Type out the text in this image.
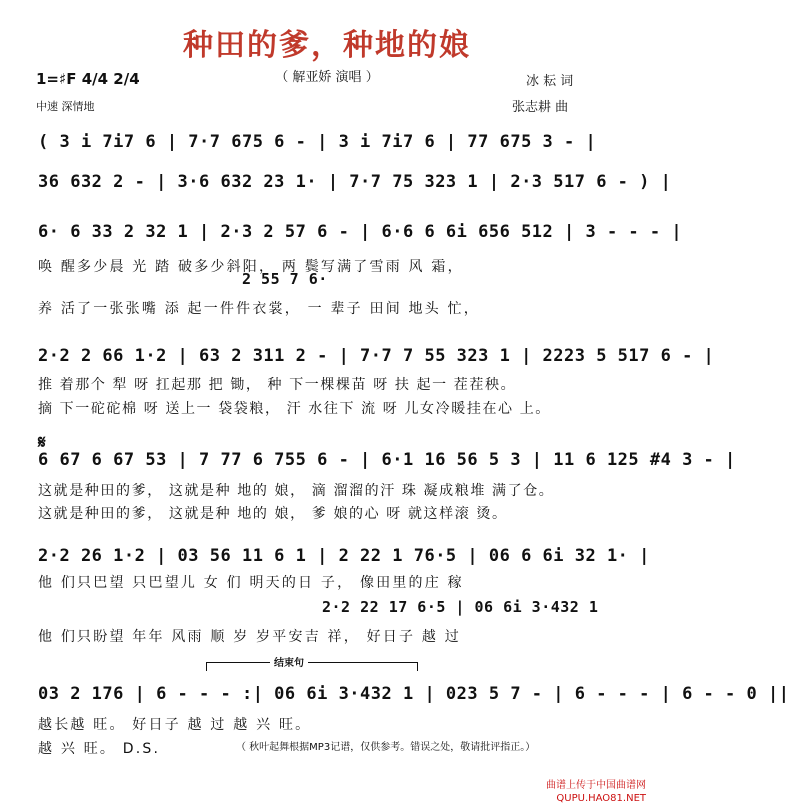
种田的爹，种地的娘
（ 解亚娇 演唱 ）
1=♯F 4/4 2/4
中速 深情地
冰 耘 词
张志耕 曲
( 3 i 7i7 6 | 7·7 675 6 - | 3 i 7i7 6 | 77 675 3 - |
36 632 2 - | 3·6 632 23 1· | 7·7 75 323 1 | 2·3 517 6 - ) |
6· 6 33 2 32 1 | 2·3 2 57 6 - | 6·6 6 6i 656 512 | 3 - - - |
唤 醒多少晨 光 踏 破多少斜阳， 两 鬓写满了雪雨 风 霜，
2 55 7 6·
养 活了一张张嘴 添 起一件件衣裳， 一 辈子 田间 地头 忙，
2·2 2 66 1·2 | 63 2 311 2 - | 7·7 7 55 323 1 | 2223 5 517 6 - |
推 着那个 犁 呀 扛起那 把 锄， 种 下一棵棵苗 呀 扶 起一 茬茬秧。
摘 下一砣砣棉 呀 送上一 袋袋粮， 汗 水往下 流 呀 儿女冷暖挂在心 上。
𝄋
6 67 6 67 53 | 7 77 6 755 6 - | 6·1 16 56 5 3 | 11 6 125 #4 3 - |
这就是种田的爹， 这就是种 地的 娘， 滴 溜溜的汗 珠 凝成粮堆 满了仓。
这就是种田的爹， 这就是种 地的 娘， 爹 娘的心 呀 就这样滚 烫。
2·2 26 1·2 | 03 56 11 6 1 | 2 22 1 76·5 | 06 6 6i 32 1· |
他 们只巴望 只巴望儿 女 们 明天的日 子， 像田里的庄 稼
2·2 22 17 6·5 | 06 6i 3·432 1
他 们只盼望 年年 风雨 顺 岁 岁平安吉 祥， 好日子 越 过
结束句
03 2 176 | 6 - - - :| 06 6i 3·432 1 | 023 5 7 - | 6 - - - | 6 - - 0 ||
越长越 旺。 好日子 越 过 越 兴 旺。
越 兴 旺。 D.S.	（ 秋叶起舞根据MP3记谱，仅供参考。错误之处，敬请批评指正。）
曲谱上传于中国曲谱网
QUPU.HAO81.NET
